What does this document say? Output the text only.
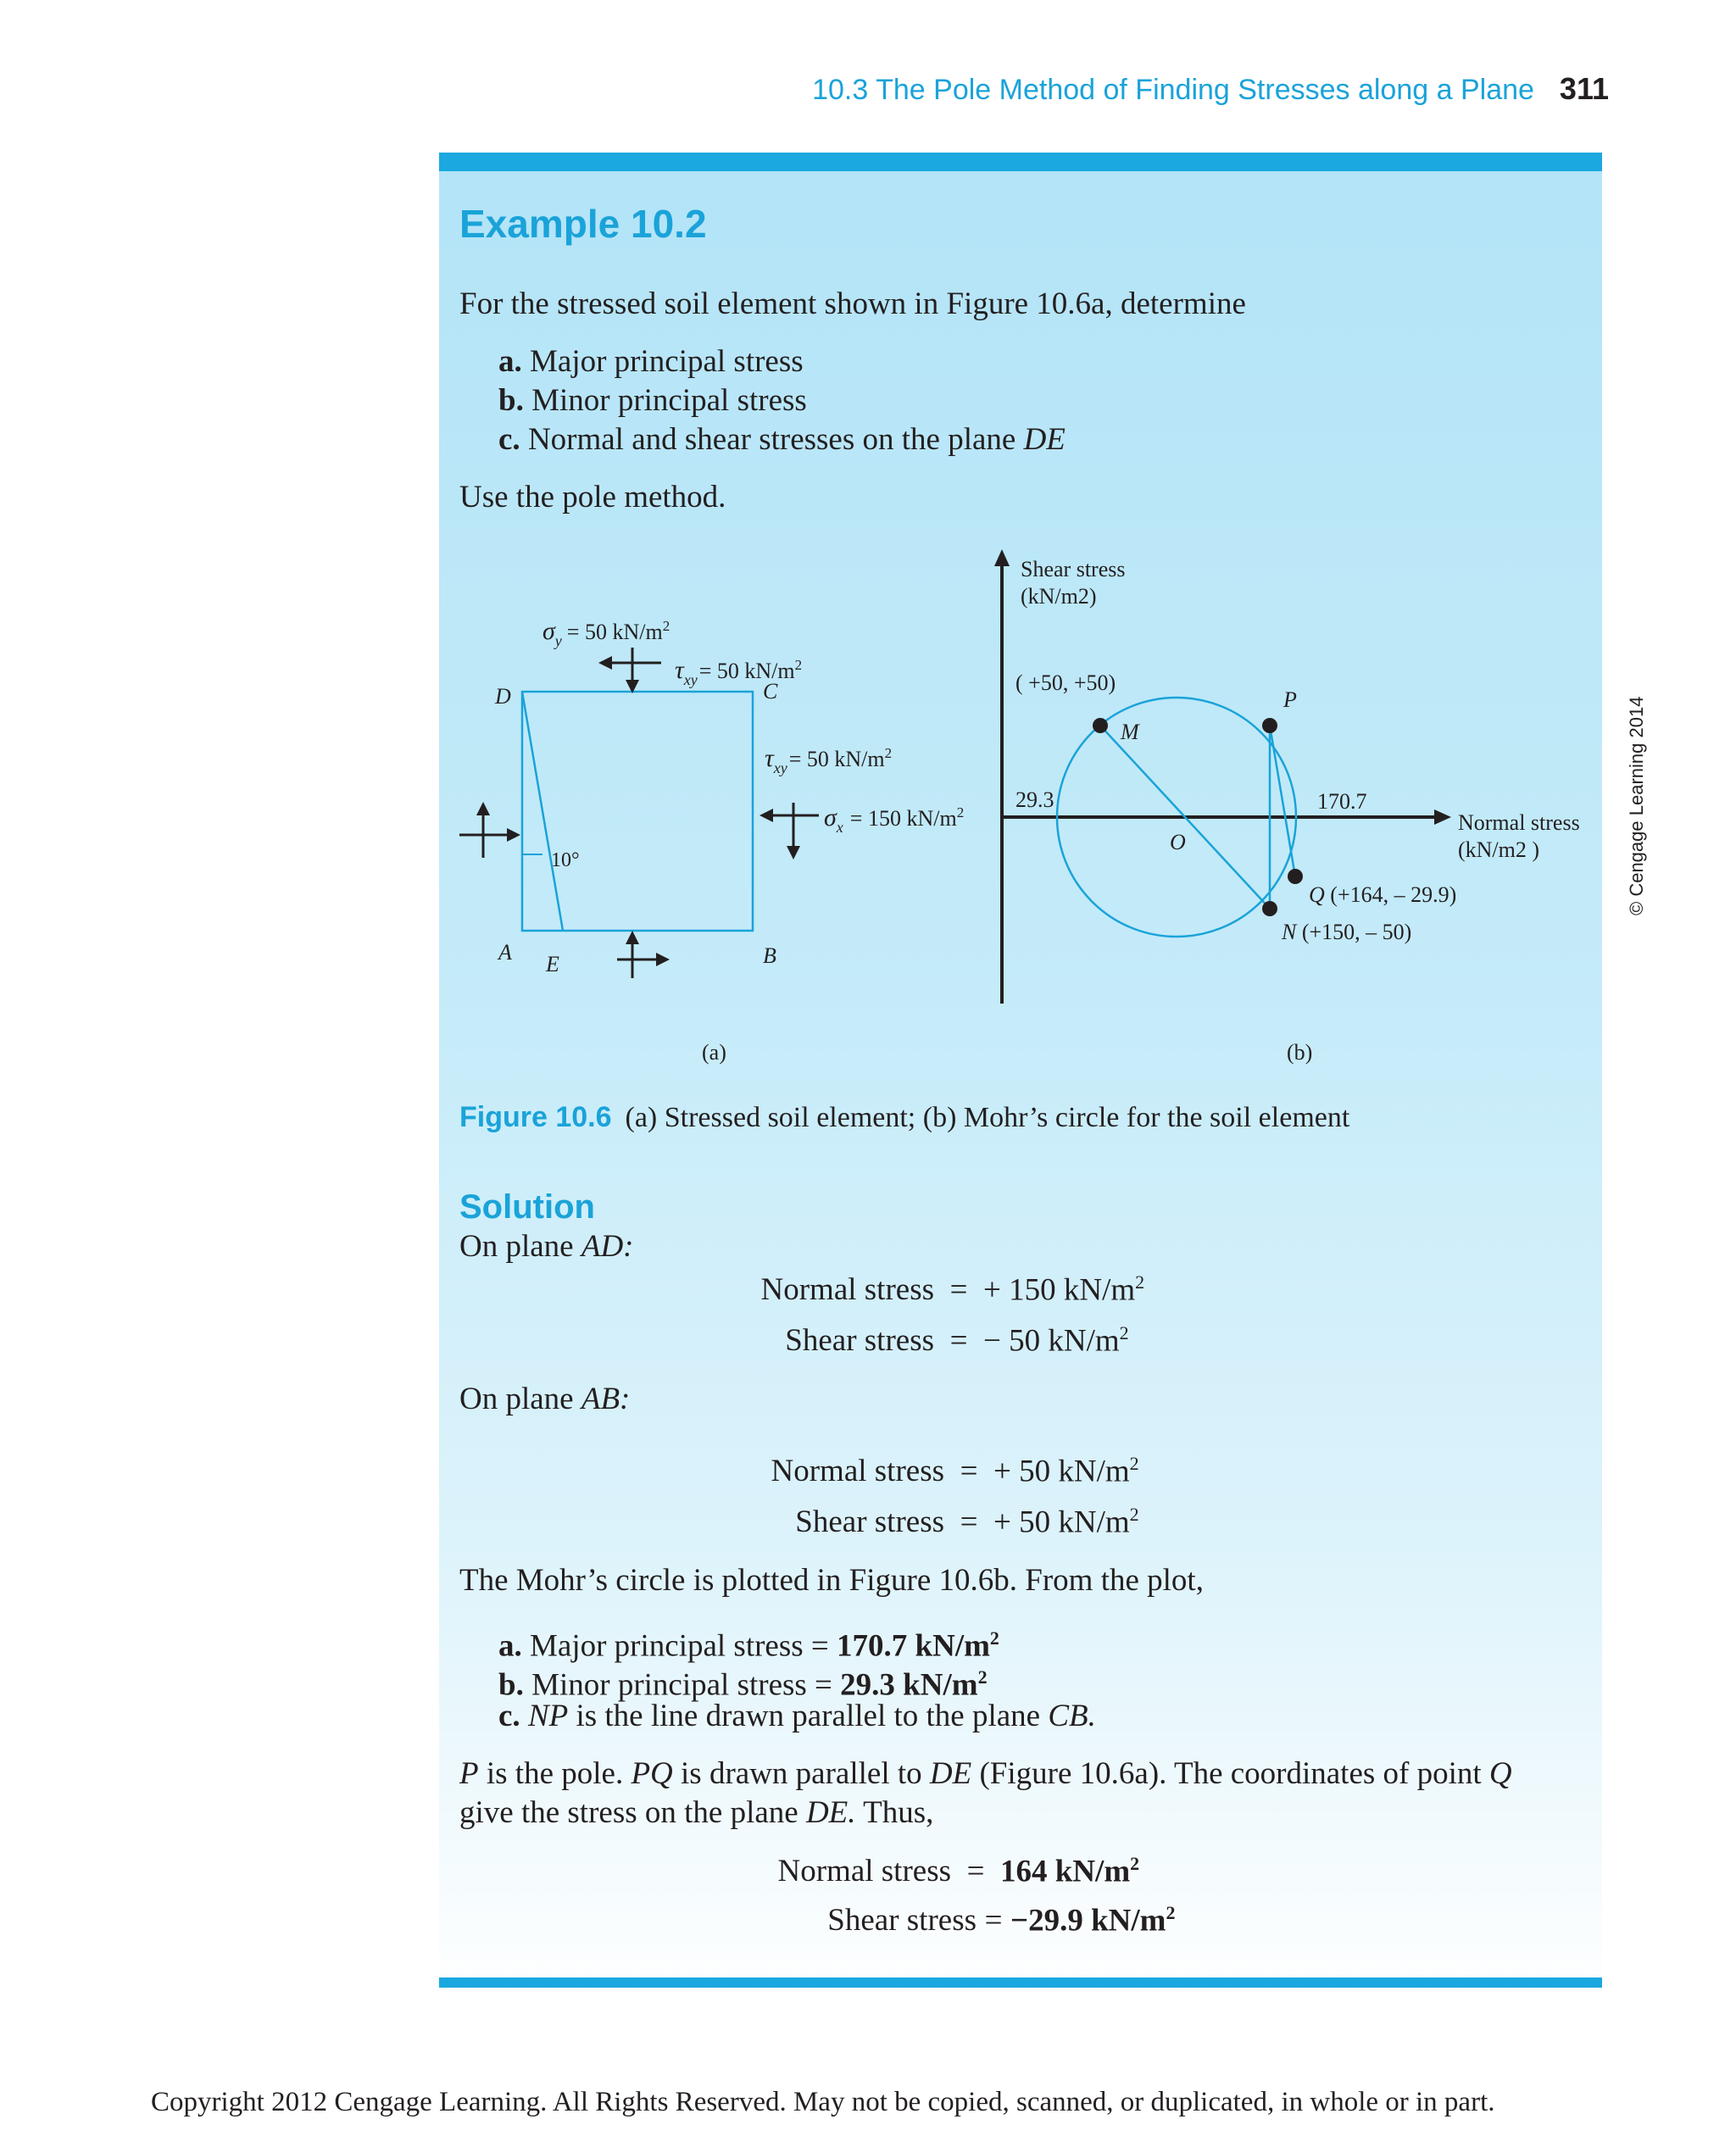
10.3 The Pole Method of Finding Stresses along a Plane 311
Example 10.2
For the stressed soil element shown in Figure 10.6a, determine
a. Major principal stress
b. Minor principal stress
c. Normal and shear stresses on the plane DE
Use the pole method.
$\sigma_y = 50$ $kN/m^2$
$\tau_{xy}= 50$ $kN/m^2$
$\tau_{xy}= 50$ $kN/m^2$
$\sigma_x = 150$ $kN/m^2$
10°
D	C
A E	B
(a)
Shear stress
(kN/m2)
( +50, +50)
29.3	170.7
O
M
P
Q (+164, – 29.9)
N (+150, – 50)
Normal stress
(kN/m2 )
(b)
Figure 10.6 (a) Stressed soil element; (b) Mohr’s circle for the soil element
Solution
On plane AD:
Normal stress = + 150 $kN/m^2$
Shear stress = − 50 $kN/m^2$
On plane AB:
Normal stress = + 50 $kN/m^2$
Shear stress = + 50 $kN/m^2$
The Mohr’s circle is plotted in Figure 10.6b. From the plot,
a. Major principal stress = 170.7 $kN/m^2$
b. Minor principal stress = 29.3 $kN/m^2$
c. NP is the line drawn parallel to the plane CB.
P is the pole. PQ is drawn parallel to DE (Figure 10.6a). The coordinates of point Q
give the stress on the plane DE. Thus,
Normal stress = 164 $kN/m^2$
Shear stress = −29.9 $kN/m^2$
© Cengage Learning 2014
Copyright 2012 Cengage Learning. All Rights Reserved. May not be copied, scanned, or duplicated, in whole or in part.
